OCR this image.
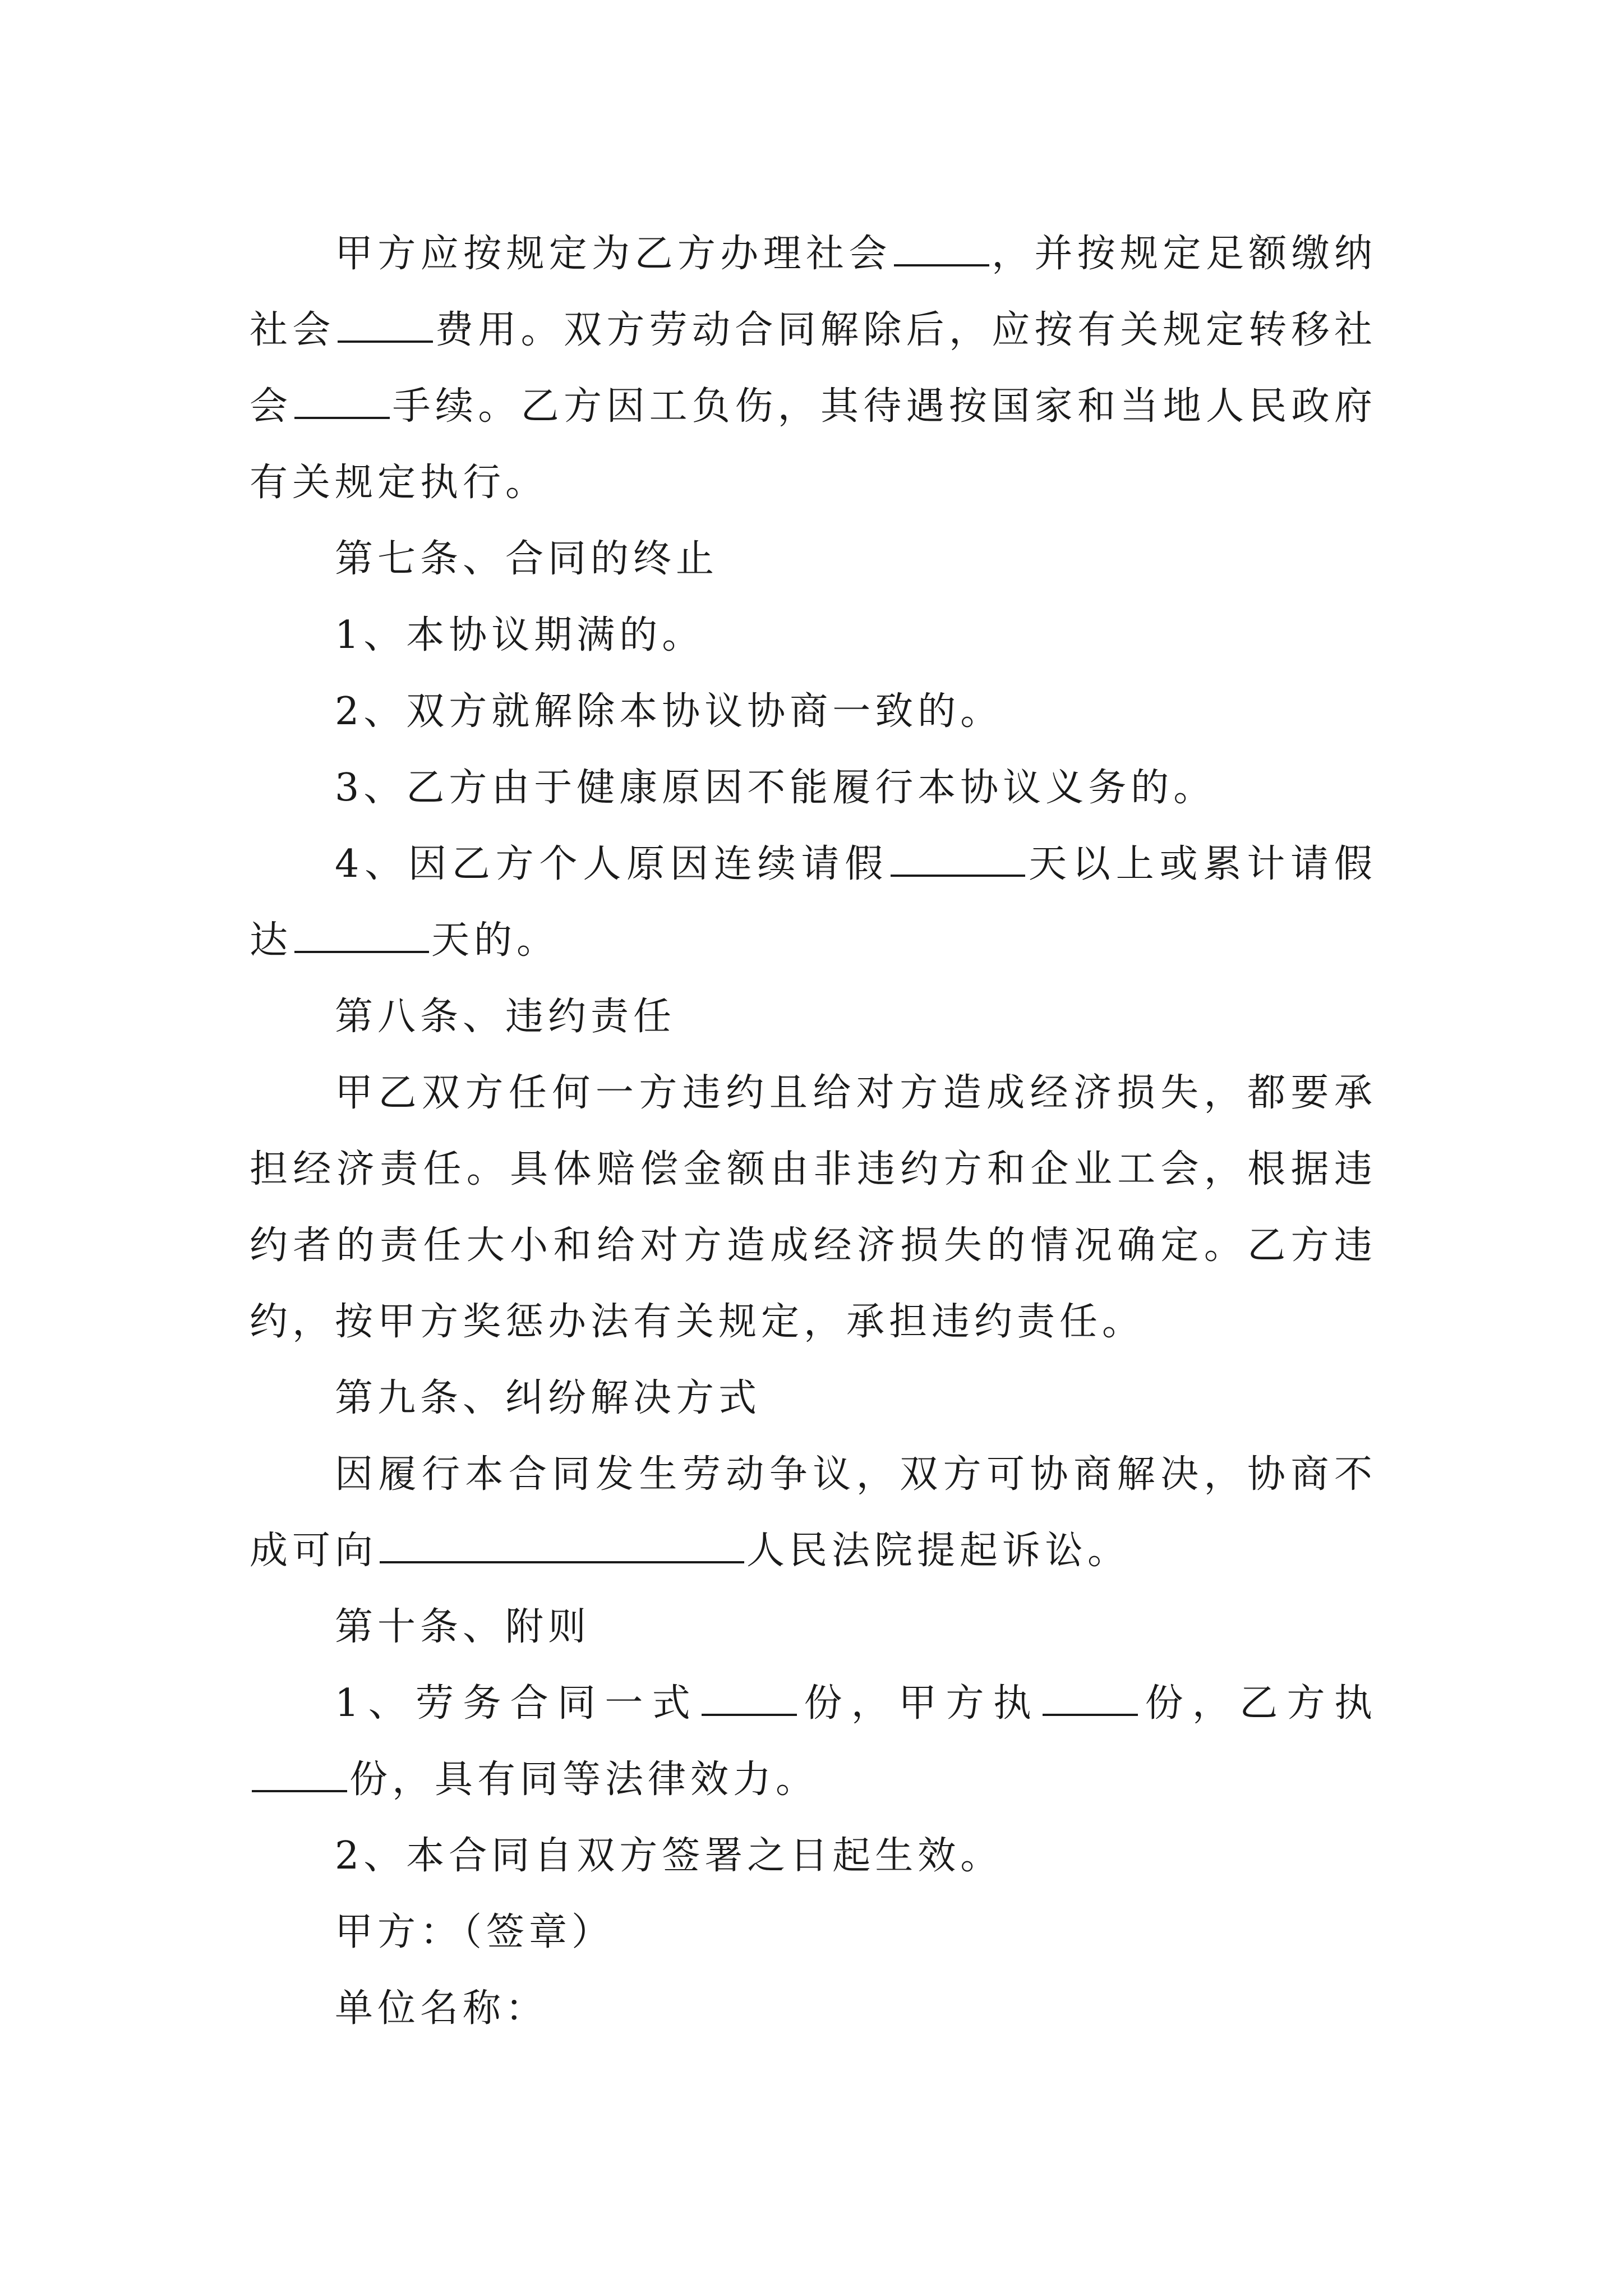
甲方应按规定为乙方办理社会	，并按规定足额缴纳社会	费用。双方劳动合同解除后，应按有关规定转移社会	手续。乙方因工负伤，其待遇按国家和当地人民政府有关规定执行。

第七条、合同的终止

1、本协议期满的。

2、双方就解除本协议协商一致的。

3、乙方由于健康原因不能履行本协议义务的。

4、因乙方个人原因连续请假	天以上或累计请假达	天的。

第八条、违约责任

甲乙双方任何一方违约且给对方造成经济损失，都要承担经济责任。具体赔偿金额由非违约方和企业工会，根据违约者的责任大小和给对方造成经济损失的情况确定。乙方违约，按甲方奖惩办法有关规定，承担违约责任。

第九条、纠纷解决方式

因履行本合同发生劳动争议，双方可协商解决，协商不成可向	人民法院提起诉讼。

第十条、附则

1、劳务合同一式	份，甲方执	份，乙方执份，具有同等法律效力。

2、本合同自双方签署之日起生效。

甲方：（签章）

单位名称：
